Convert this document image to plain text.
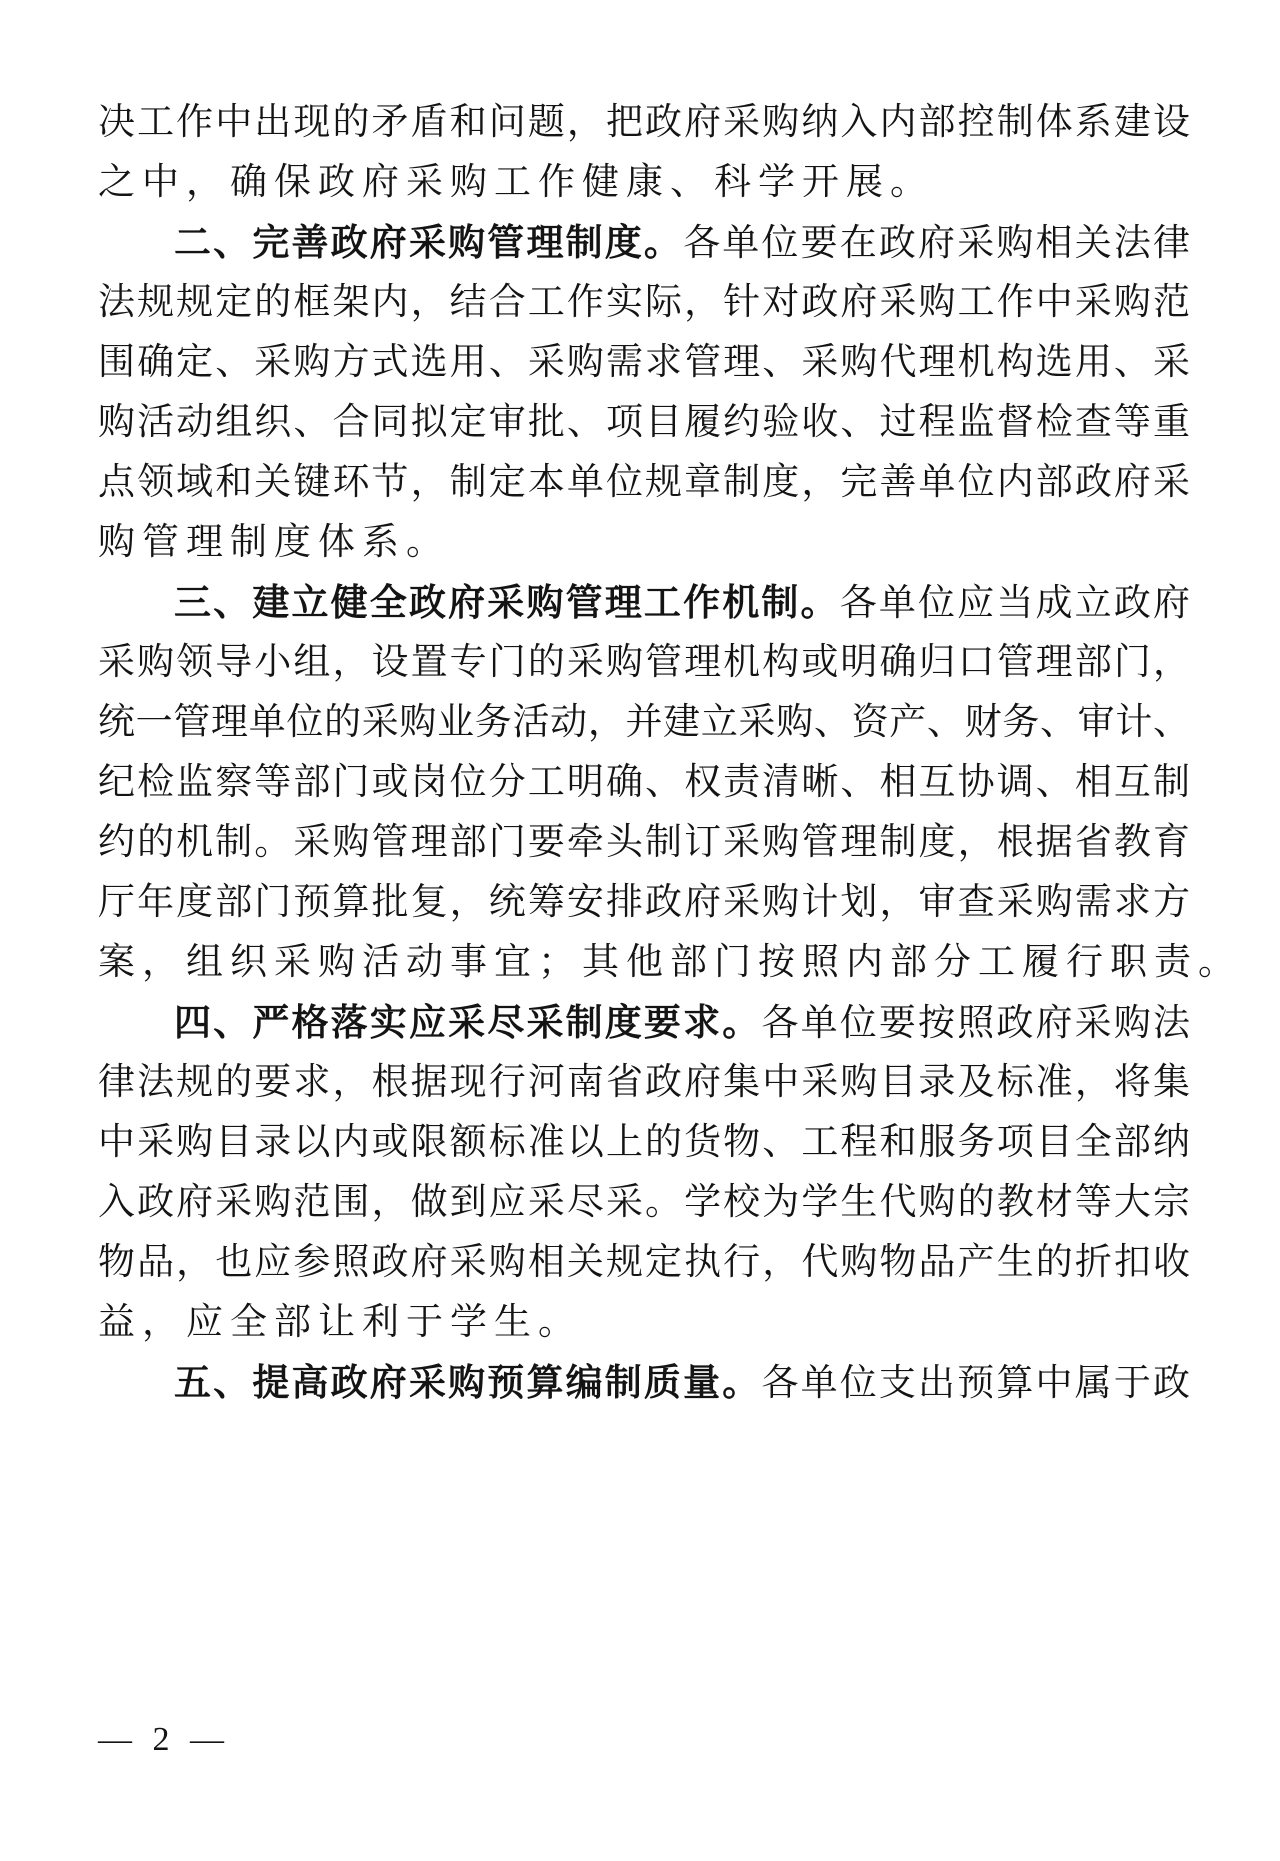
决工作中出现的矛盾和问题，把政府采购纳入内部控制体系建设
之中，确保政府采购工作健康、科学开展。
二、完善政府采购管理制度。各单位要在政府采购相关法律
法规规定的框架内，结合工作实际，针对政府采购工作中采购范
围确定、采购方式选用、采购需求管理、采购代理机构选用、采
购活动组织、合同拟定审批、项目履约验收、过程监督检查等重
点领域和关键环节，制定本单位规章制度，完善单位内部政府采
购管理制度体系。
三、建立健全政府采购管理工作机制。各单位应当成立政府
采购领导小组，设置专门的采购管理机构或明确归口管理部门，
统一管理单位的采购业务活动，并建立采购、资产、财务、审计、
纪检监察等部门或岗位分工明确、权责清晰、相互协调、相互制
约的机制。采购管理部门要牵头制订采购管理制度，根据省教育
厅年度部门预算批复，统筹安排政府采购计划，审查采购需求方
案，组织采购活动事宜；其他部门按照内部分工履行职责。
四、严格落实应采尽采制度要求。各单位要按照政府采购法
律法规的要求，根据现行河南省政府集中采购目录及标准，将集
中采购目录以内或限额标准以上的货物、工程和服务项目全部纳
入政府采购范围，做到应采尽采。学校为学生代购的教材等大宗
物品，也应参照政府采购相关规定执行，代购物品产生的折扣收
益，应全部让利于学生。
五、提高政府采购预算编制质量。各单位支出预算中属于政
— 2 —
